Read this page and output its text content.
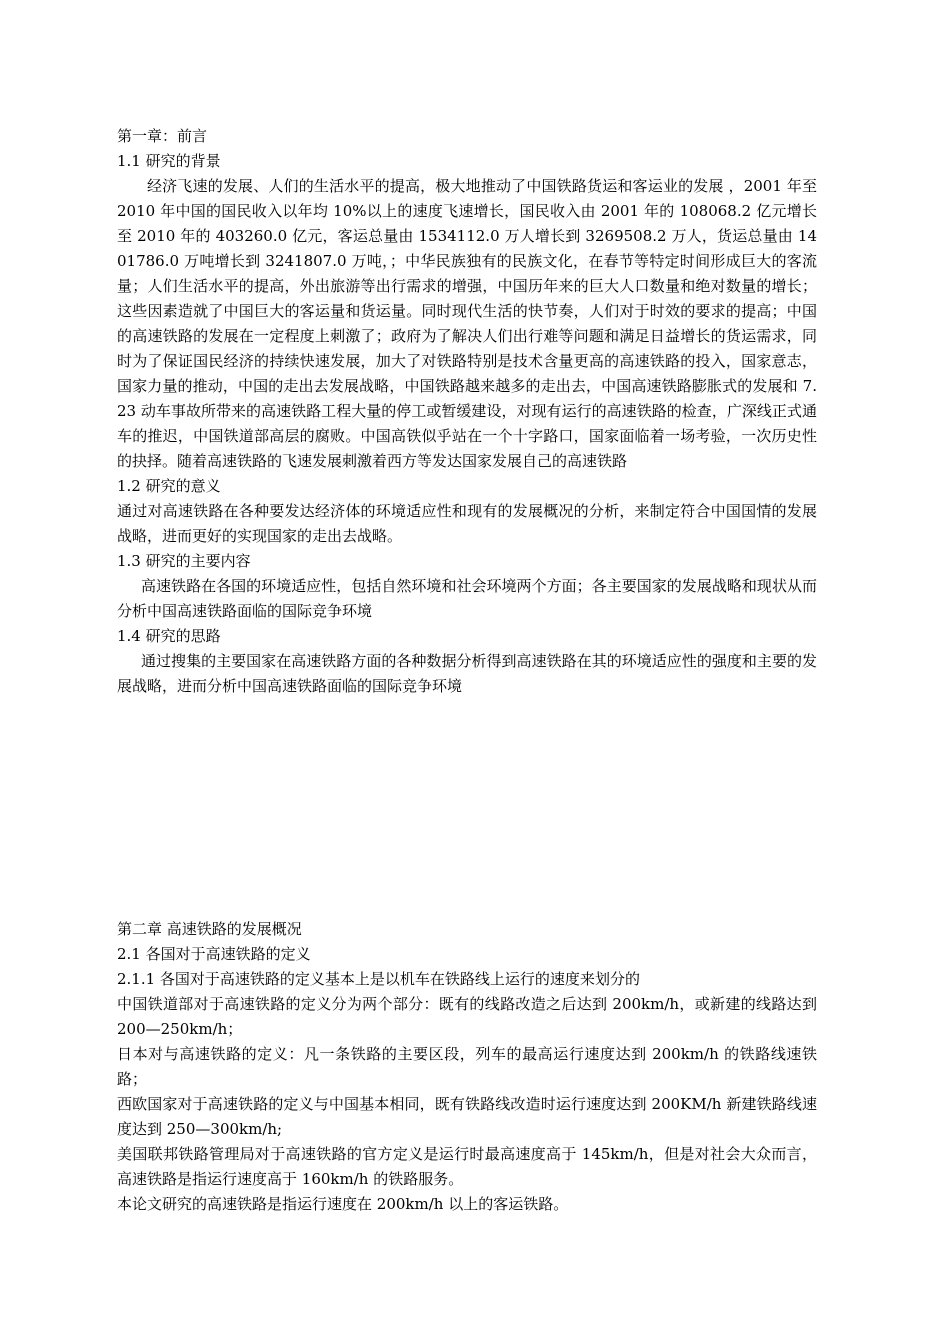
第一章：前言

1.1 研究的背景

经济飞速的发展、人们的生活水平的提高，极大地推动了中国铁路货运和客运业的发展 ，2001 年至 2010 年中国的国民收入以年均 10%以上的速度飞速增长，国民收入由 2001 年的 108068.2 亿元增长至 2010 年的 403260.0 亿元，客运总量由 1534112.0 万人增长到 3269508.2 万人，货运总量由 1401786.0 万吨增长到 3241807.0 万吨，；中华民族独有的民族文化，在春节等特定时间形成巨大的客流量；人们生活水平的提高，外出旅游等出行需求的增强，中国历年来的巨大人口数量和绝对数量的增长；这些因素造就了中国巨大的客运量和货运量。同时现代生活的快节奏，人们对于时效的要求的提高；中国的高速铁路的发展在一定程度上刺激了；政府为了解决人们出行难等问题和满足日益增长的货运需求，同时为了保证国民经济的持续快速发展，加大了对铁路特别是技术含量更高的高速铁路的投入，国家意志，国家力量的推动，中国的走出去发展战略，中国铁路越来越多的走出去，中国高速铁路膨胀式的发展和 7.23 动车事故所带来的高速铁路工程大量的停工或暂缓建设，对现有运行的高速铁路的检查，广深线正式通车的推迟，中国铁道部高层的腐败。中国高铁似乎站在一个十字路口，国家面临着一场考验，一次历史性的抉择。随着高速铁路的飞速发展刺激着西方等发达国家发展自己的高速铁路

1.2 研究的意义

通过对高速铁路在各种要发达经济体的环境适应性和现有的发展概况的分析，来制定符合中国国情的发展战略，进而更好的实现国家的走出去战略。

1.3 研究的主要内容

高速铁路在各国的环境适应性，包括自然环境和社会环境两个方面；各主要国家的发展战略和现状从而分析中国高速铁路面临的国际竞争环境

1.4 研究的思路

通过搜集的主要国家在高速铁路方面的各种数据分析得到高速铁路在其的环境适应性的强度和主要的发展战略，进而分析中国高速铁路面临的国际竞争环境

第二章 高速铁路的发展概况

2.1 各国对于高速铁路的定义

2.1.1 各国对于高速铁路的定义基本上是以机车在铁路线上运行的速度来划分的

中国铁道部对于高速铁路的定义分为两个部分：既有的线路改造之后达到 200km/h，或新建的线路达到 200—250km/h；

日本对与高速铁路的定义：凡一条铁路的主要区段，列车的最高运行速度达到 200km/h 的铁路线速铁路；

西欧国家对于高速铁路的定义与中国基本相同，既有铁路线改造时运行速度达到 200KM/h 新建铁路线速度达到 250—300km/h;

美国联邦铁路管理局对于高速铁路的官方定义是运行时最高速度高于 145km/h，但是对社会大众而言，高速铁路是指运行速度高于 160km/h 的铁路服务。

本论文研究的高速铁路是指运行速度在 200km/h 以上的客运铁路。
